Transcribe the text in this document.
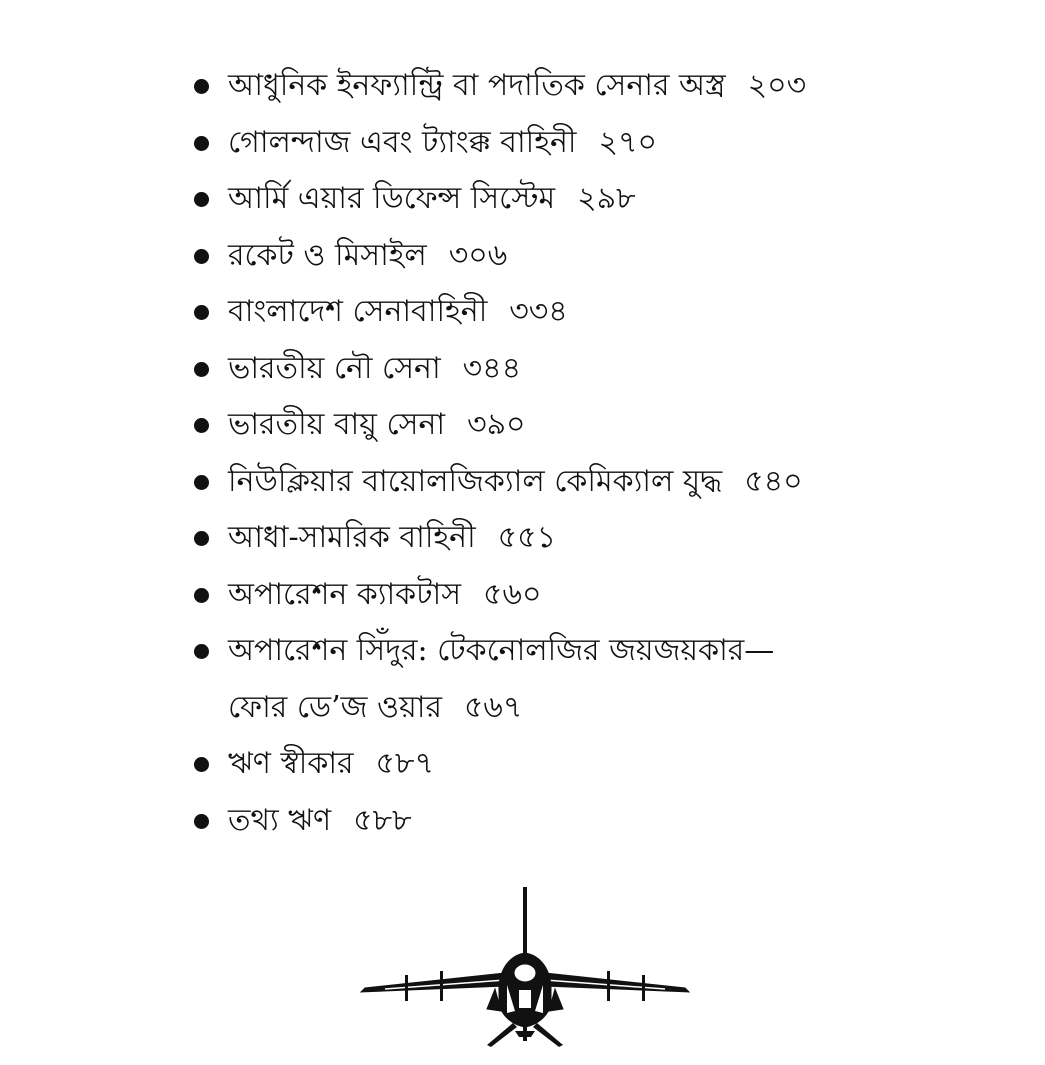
আধুনিক ইনফ্যান্ট্রি বা পদাতিক সেনার অস্ত্র ২০৩
গোলন্দাজ এবং ট্যাংক্ক বাহিনী ২৭০
আর্মি এয়ার ডিফেন্স সিস্টেম ২৯৮
রকেট ও মিসাইল ৩০৬
বাংলাদেশ সেনাবাহিনী ৩৩৪
ভারতীয় নৌ সেনা ৩৪৪
ভারতীয় বায়ু সেনা ৩৯০
নিউক্লিয়ার বায়োলজিক্যাল কেমিক্যাল যুদ্ধ ৫৪০
আধা-সামরিক বাহিনী ৫৫১
অপারেশন ক্যাকটাস ৫৬০
অপারেশন সিঁদুর: টেকনোলজির জয়জয়কার—
ফোর ডে’জ ওয়ার ৫৬৭
ঋণ স্বীকার ৫৮৭
তথ্য ঋণ ৫৮৮
